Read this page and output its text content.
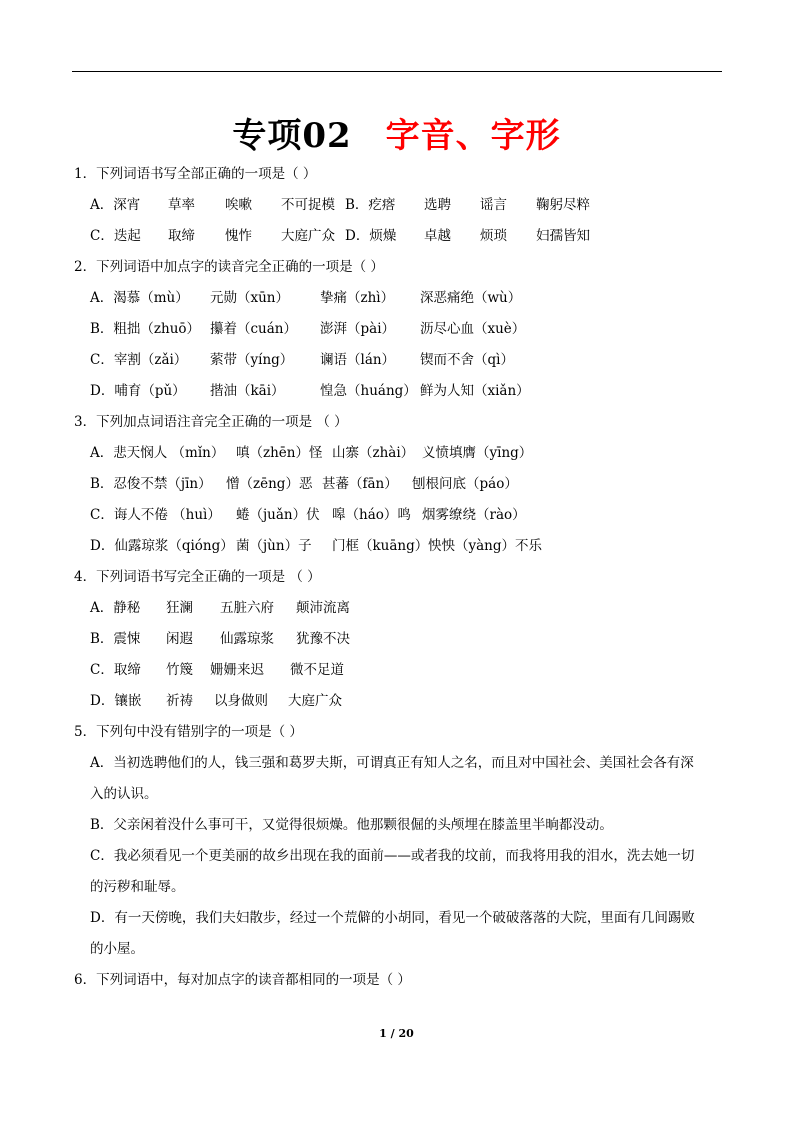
专项02 字音、字形
1．下列词语书写全部正确的一项是（ ）
A．深宵 草率 唉嗽 不可捉模 B．疙瘩 选聘 谣言 鞠躬尽粹
C．迭起 取缔 愧怍 大庭广众 D．烦燥 卓越 烦琐 妇孺皆知
2．下列词语中加点字的读音完全正确的一项是（ ）
A．渴慕（mù） 元勋（xūn） 挚痛（zhì） 深恶痛绝（wù）
B．粗拙（zhuō） 攥着（cuán） 澎湃（pài） 沥尽心血（xuè）
C．宰割（zǎi） 萦带（yíng） 谰语（lán） 锲而不舍（qì）
D．哺育（pǔ） 揩油（kāi）	惶急（huáng） 鲜为人知（xiǎn）
3．下列加点词语注音完全正确的一项是 （ ）
A．悲天悯人 （mǐn） 嗔（zhēn）怪 山寨（zhài） 义愤填膺（yīng）
B．忍俊不禁（jīn） 憎（zēng）恶 甚蕃（fān） 刨根问底（páo）
C．诲人不倦 （huì） 蜷（juǎn）伏 嗥（háo）鸣 烟雾缭绕（rào）
D．仙露琼浆（qióng） 菌（jùn）子 门框（kuāng）怏怏（yàng）不乐
4．下列词语书写完全正确的一项是 （ ）
A．静秘 狂澜 五脏六府 颠沛流离
B．震悚 闲遐 仙露琼浆 犹豫不决
C．取缔 竹篾 姗姗来迟 微不足道
D．镶嵌 祈祷 以身做则 大庭广众
5．下列句中没有错别字的一项是（ ）
A．当初选聘他们的人，钱三强和葛罗夫斯，可谓真正有知人之名，而且对中国社会、美国社会各有深
入的认识。
B．父亲闲着没什么事可干，又觉得很烦燥。他那颗很倔的头颅埋在膝盖里半晌都没动。
C．我必须看见一个更美丽的故乡出现在我的面前——或者我的坟前，而我将用我的泪水，洗去她一切
的污秽和耻辱。
D．有一天傍晚，我们夫妇散步，经过一个荒僻的小胡同，看见一个破破落落的大院，里面有几间踢败
的小屋。
6．下列词语中，每对加点字的读音都相同的一项是（ ）
1 / 20
